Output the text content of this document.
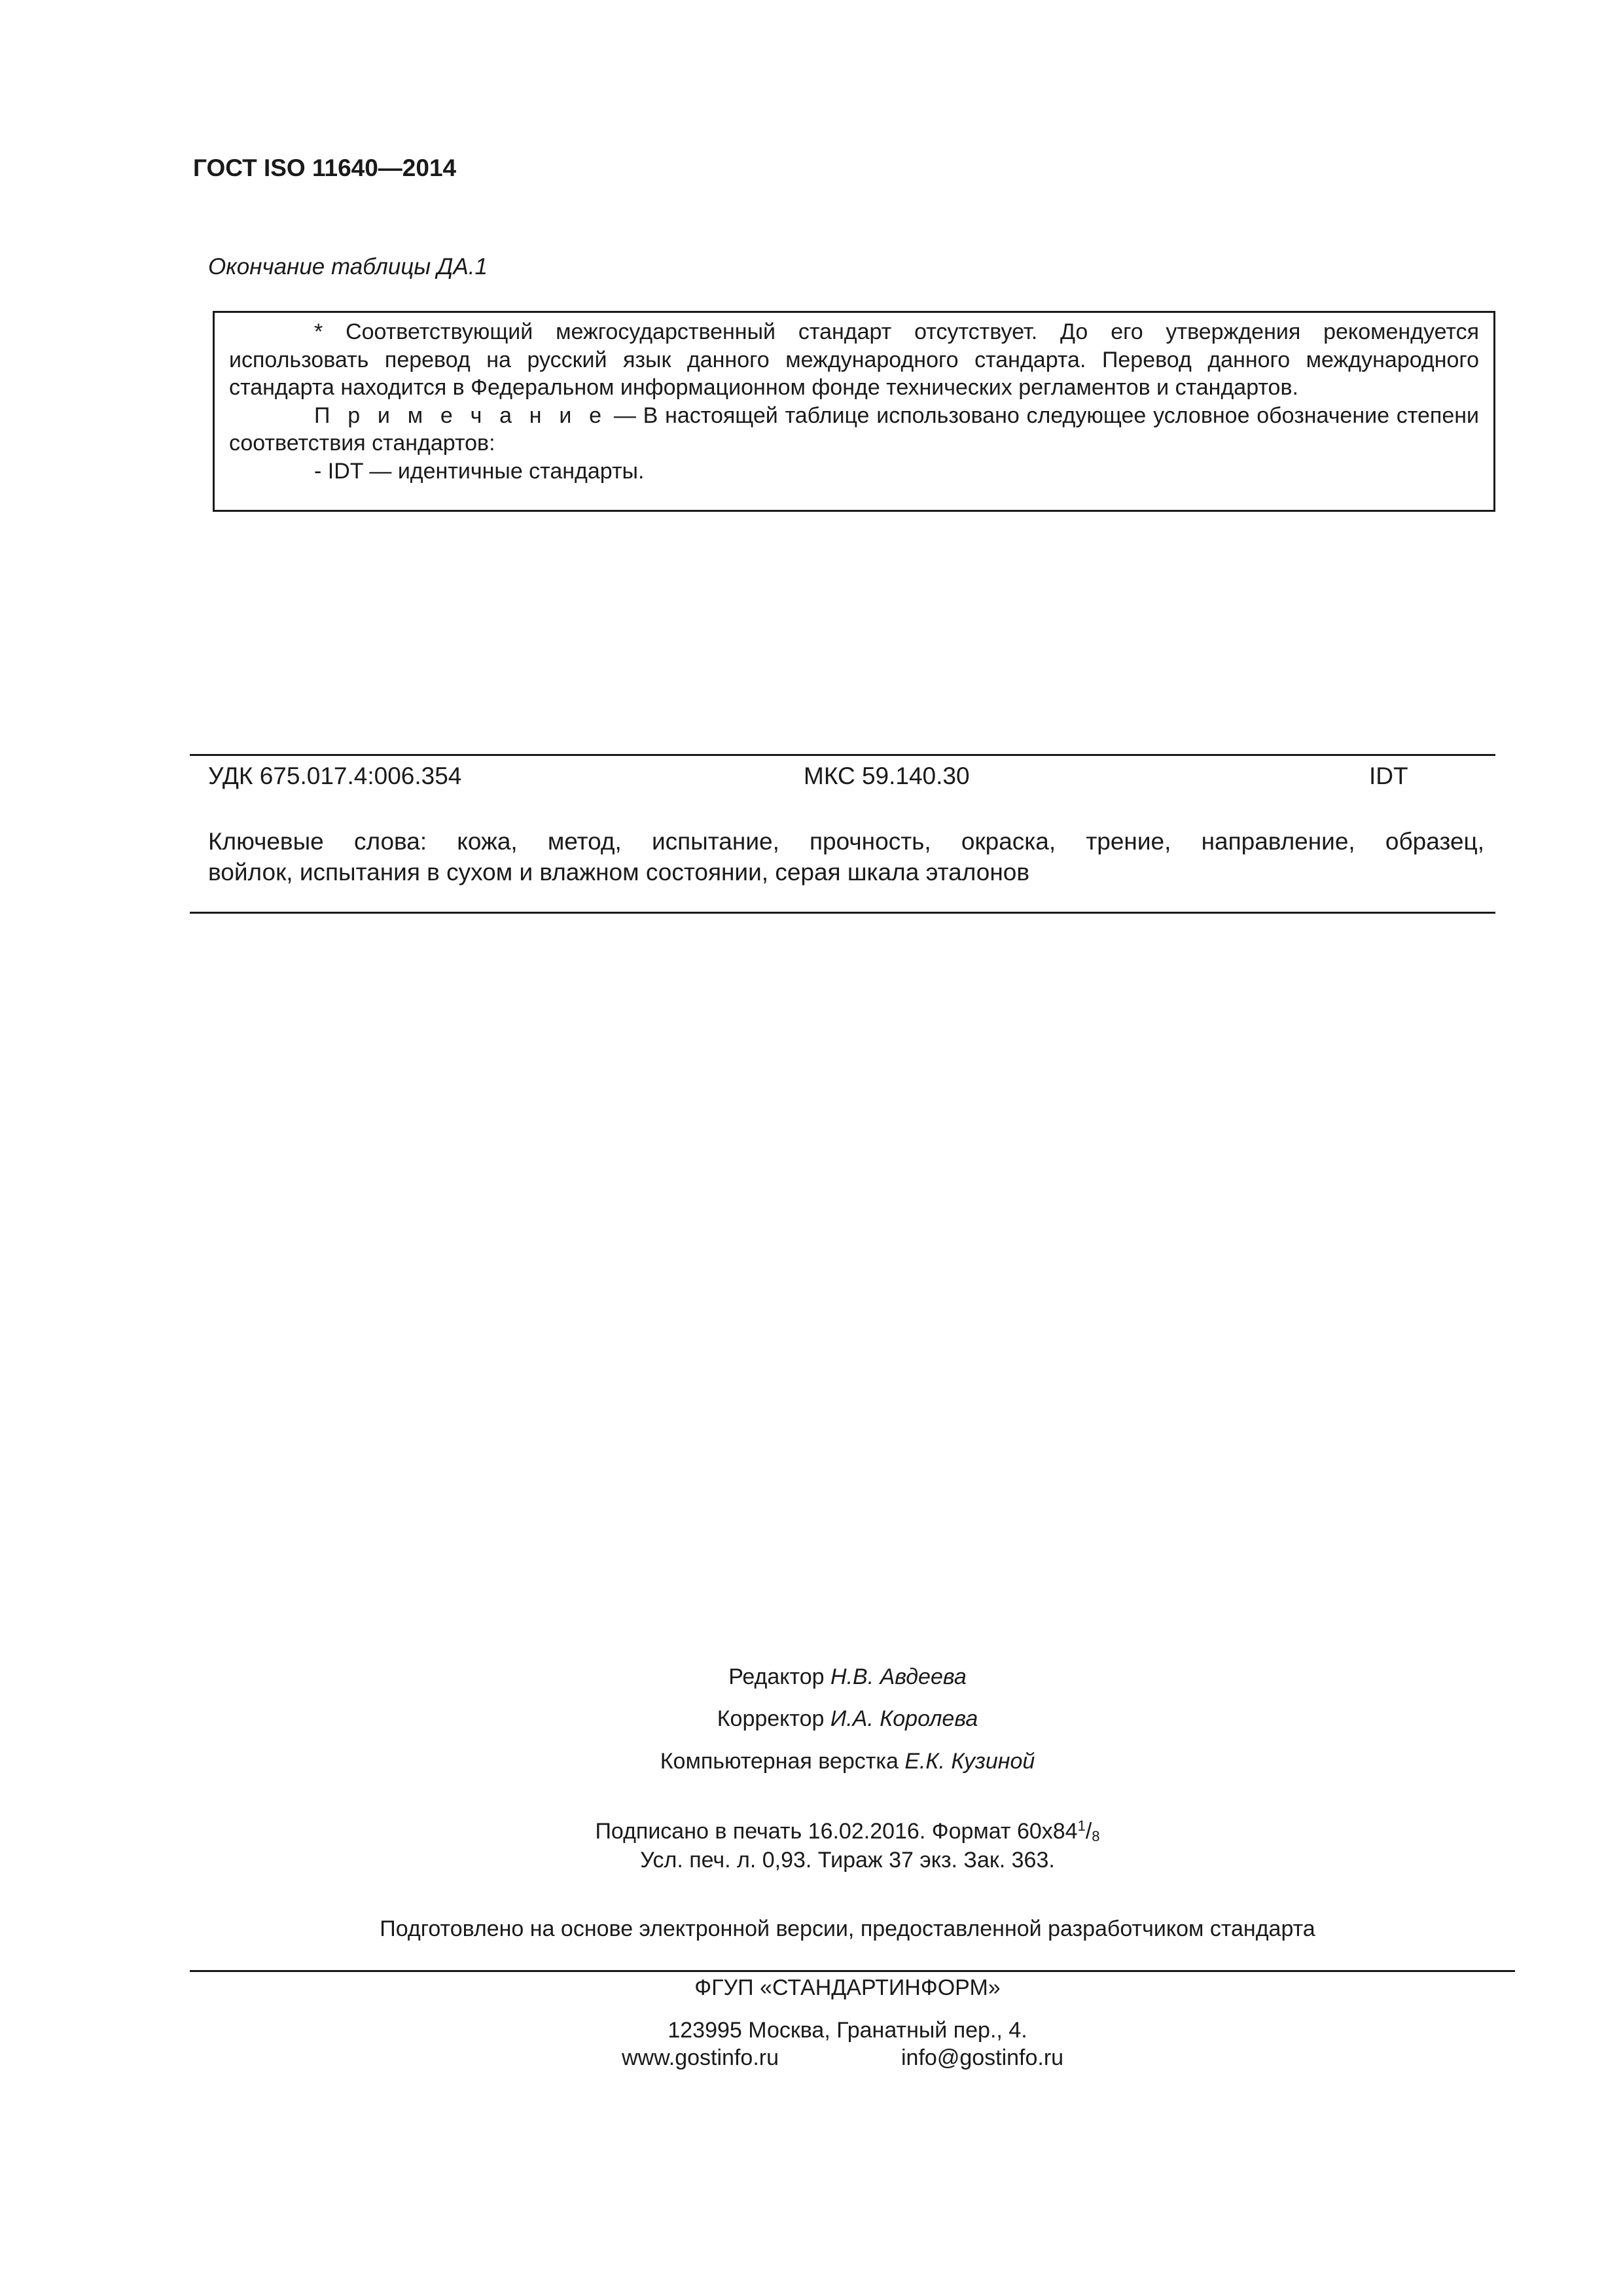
ГОСТ ISO 11640—2014
Окончание таблицы ДА.1

* Соответствующий межгосударственный стандарт отсутствует. До его утверждения рекомендуется

использовать перевод на русский язык данного международного стандарта. Перевод данного международного стандарта находится в Федеральном информационном фонде технических регламентов и стандартов.

П р и м е ч а н и е — В настоящей таблице использовано следующее условное обозначение степени соответствия стандартов:

- IDT — идентичные стандарты.

УДК 675.017.4:006.354	МКС 59.140.30	IDT
Ключевые слова: кожа, метод, испытание, прочность, окраска, трение, направление, образец,
войлок, испытания в сухом и влажном состоянии, серая шкала эталонов
Редактор Н.В. Авдеева
Корректор И.А. Королева
Компьютерная верстка Е.К. Кузиной
Подписано в печать 16.02.2016. Формат $60х84^1/_8$
Усл. печ. л. 0,93. Тираж 37 экз. Зак. 363.
Подготовлено на основе электронной версии, предоставленной разработчиком стандарта
ФГУП «СТАНДАРТИНФОРМ»
123995 Москва, Гранатный пер., 4.
www.gostinfo.ru	info@gostinfo.ru
